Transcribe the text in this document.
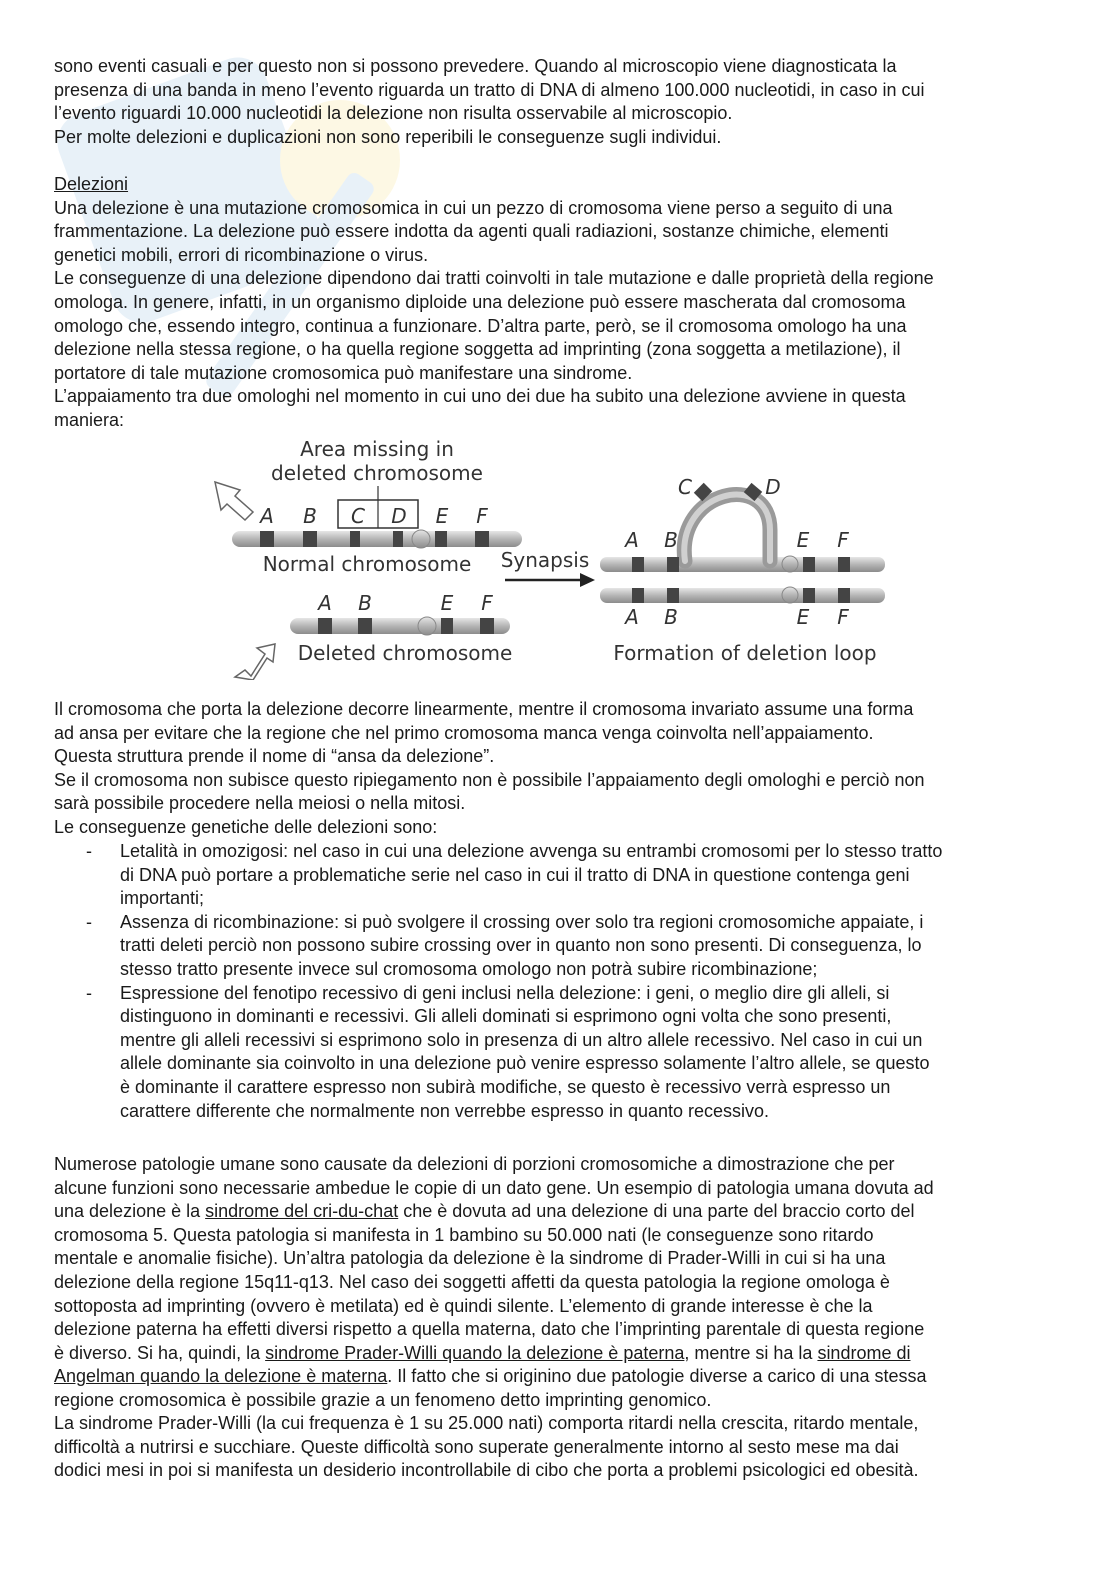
sono eventi casuali e per questo non si possono prevedere. Quando al microscopio viene diagnosticata la

presenza di una banda in meno l’evento riguarda un tratto di DNA di almeno 100.000 nucleotidi, in caso in cui

l’evento riguardi 10.000 nucleotidi la delezione non risulta osservabile al microscopio.

Per molte delezioni e duplicazioni non sono reperibili le conseguenze sugli individui.

Delezioni

Una delezione è una mutazione cromosomica in cui un pezzo di cromosoma viene perso a seguito di una

frammentazione. La delezione può essere indotta da agenti quali radiazioni, sostanze chimiche, elementi

genetici mobili, errori di ricombinazione o virus.

Le conseguenze di una delezione dipendono dai tratti coinvolti in tale mutazione e dalle proprietà della regione

omologa. In genere, infatti, in un organismo diploide una delezione può essere mascherata dal cromosoma

omologo che, essendo integro, continua a funzionare. D’altra parte, però, se il cromosoma omologo ha una

delezione nella stessa regione, o ha quella regione soggetta ad imprinting (zona soggetta a metilazione), il

portatore di tale mutazione cromosomica può manifestare una sindrome.

L’appaiamento tra due omologhi nel momento in cui uno dei due ha subito una delezione avviene in questa

maniera:

Area missing in
deleted chromosome
A B C D E F
Normal chromosome Synapsis
A B	E F
Deleted chromosome
C	D
A B	E F
A B	E F
Formation of deletion loop

Il cromosoma che porta la delezione decorre linearmente, mentre il cromosoma invariato assume una forma

ad ansa per evitare che la regione che nel primo cromosoma manca venga coinvolta nell’appaiamento.

Questa struttura prende il nome di “ansa da delezione”.

Se il cromosoma non subisce questo ripiegamento non è possibile l’appaiamento degli omologhi e perciò non

sarà possibile procedere nella meiosi o nella mitosi.

Le conseguenze genetiche delle delezioni sono:

- Letalità in omozigosi: nel caso in cui una delezione avvenga su entrambi cromosomi per lo stesso tratto

di DNA può portare a problematiche serie nel caso in cui il tratto di DNA in questione contenga geni

importanti;

- Assenza di ricombinazione: si può svolgere il crossing over solo tra regioni cromosomiche appaiate, i

tratti deleti perciò non possono subire crossing over in quanto non sono presenti. Di conseguenza, lo

stesso tratto presente invece sul cromosoma omologo non potrà subire ricombinazione;

- Espressione del fenotipo recessivo di geni inclusi nella delezione: i geni, o meglio dire gli alleli, si

distinguono in dominanti e recessivi. Gli alleli dominati si esprimono ogni volta che sono presenti,

mentre gli alleli recessivi si esprimono solo in presenza di un altro allele recessivo. Nel caso in cui un

allele dominante sia coinvolto in una delezione può venire espresso solamente l’altro allele, se questo

è dominante il carattere espresso non subirà modifiche, se questo è recessivo verrà espresso un

carattere differente che normalmente non verrebbe espresso in quanto recessivo.

Numerose patologie umane sono causate da delezioni di porzioni cromosomiche a dimostrazione che per

alcune funzioni sono necessarie ambedue le copie di un dato gene. Un esempio di patologia umana dovuta ad

una delezione è la sindrome del cri-du-chat che è dovuta ad una delezione di una parte del braccio corto del

cromosoma 5. Questa patologia si manifesta in 1 bambino su 50.000 nati (le conseguenze sono ritardo

mentale e anomalie fisiche). Un’altra patologia da delezione è la sindrome di Prader-Willi in cui si ha una

delezione della regione 15q11-q13. Nel caso dei soggetti affetti da questa patologia la regione omologa è

sottoposta ad imprinting (ovvero è metilata) ed è quindi silente. L’elemento di grande interesse è che la

delezione paterna ha effetti diversi rispetto a quella materna, dato che l’imprinting parentale di questa regione

è diverso. Si ha, quindi, la sindrome Prader-Willi quando la delezione è paterna, mentre si ha la sindrome di

Angelman quando la delezione è materna. Il fatto che si originino due patologie diverse a carico di una stessa

regione cromosomica è possibile grazie a un fenomeno detto imprinting genomico.

La sindrome Prader-Willi (la cui frequenza è 1 su 25.000 nati) comporta ritardi nella crescita, ritardo mentale,

difficoltà a nutrirsi e succhiare. Queste difficoltà sono superate generalmente intorno al sesto mese ma dai

dodici mesi in poi si manifesta un desiderio incontrollabile di cibo che porta a problemi psicologici ed obesità.
